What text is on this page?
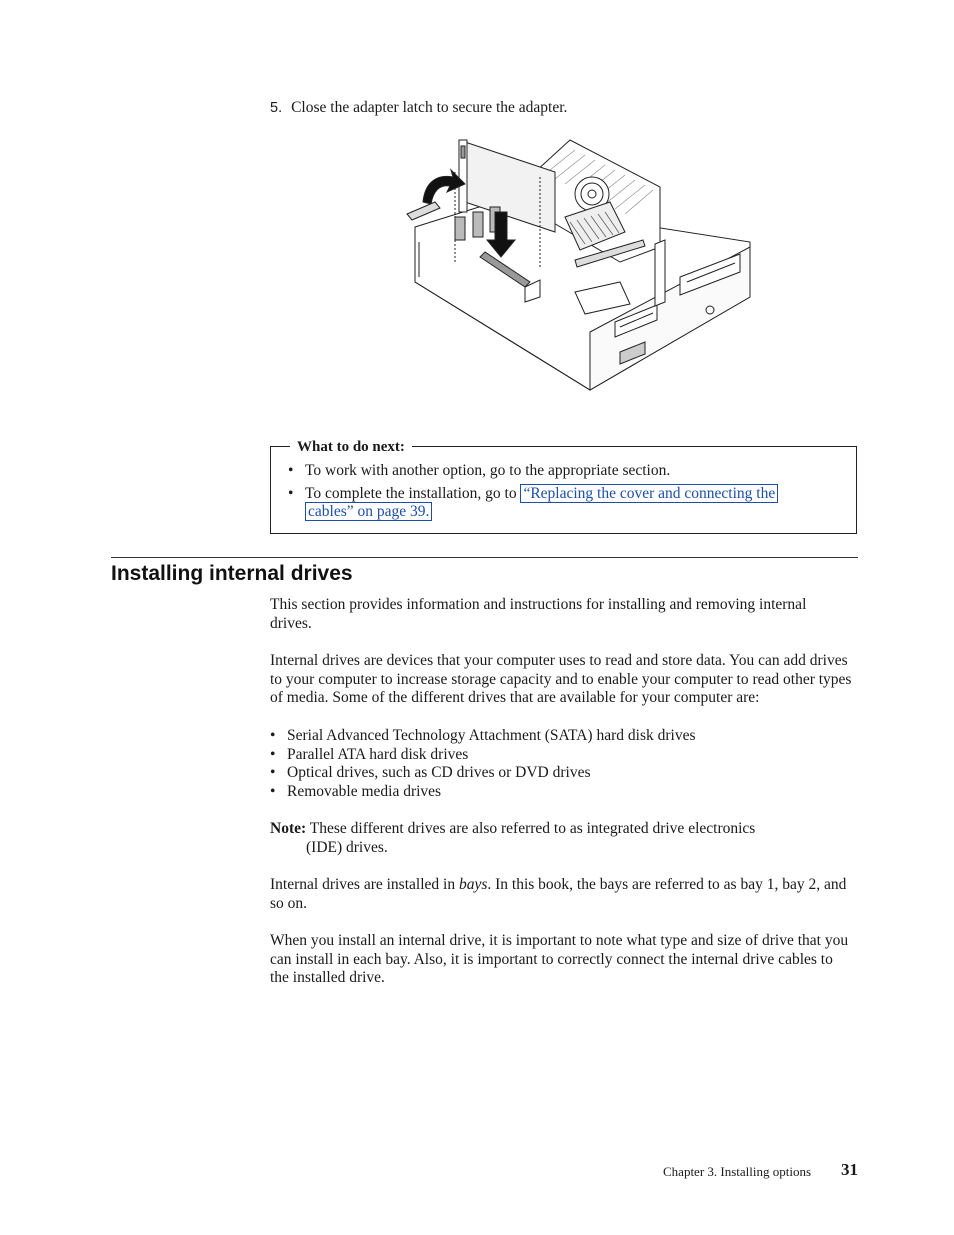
5. Close the adapter latch to secure the adapter.
What to do next:
• To work with another option, go to the appropriate section.
• To complete the installation, go to “Replacing the cover and connecting the
cables” on page 39.
Installing internal drives
This section provides information and instructions for installing and removing internal drives.
Internal drives are devices that your computer uses to read and store data. You can add drives to your computer to increase storage capacity and to enable your computer to read other types of media. Some of the different drives that are available for your computer are:
• Serial Advanced Technology Attachment (SATA) hard disk drives
• Parallel ATA hard disk drives
• Optical drives, such as CD drives or DVD drives
• Removable media drives
Note: These different drives are also referred to as integrated drive electronics
(IDE) drives.
Internal drives are installed in bays. In this book, the bays are referred to as bay 1, bay 2, and so on.
When you install an internal drive, it is important to note what type and size of drive that you can install in each bay. Also, it is important to correctly connect the internal drive cables to the installed drive.
Chapter 3. Installing options 31
